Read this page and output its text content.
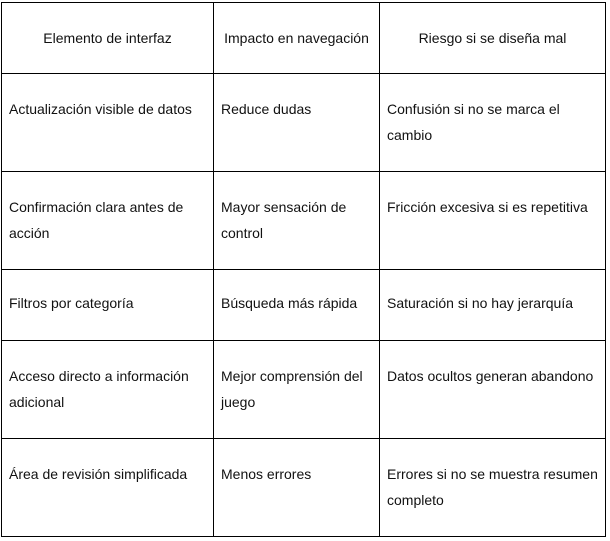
Elemento de interfaz	Impacto en navegación	Riesgo si se diseña mal
Actualización visible de datos	Reduce dudas	Confusión si no se marca el cambio
Confirmación clara antes de acción	Mayor sensación de control	Fricción excesiva si es repetitiva
Filtros por categoría	Búsqueda más rápida	Saturación si no hay jerarquía
Acceso directo a información adicional	Mejor comprensión del juego	Datos ocultos generan abandono
Área de revisión simplificada	Menos errores	Errores si no se muestra resumen completo
